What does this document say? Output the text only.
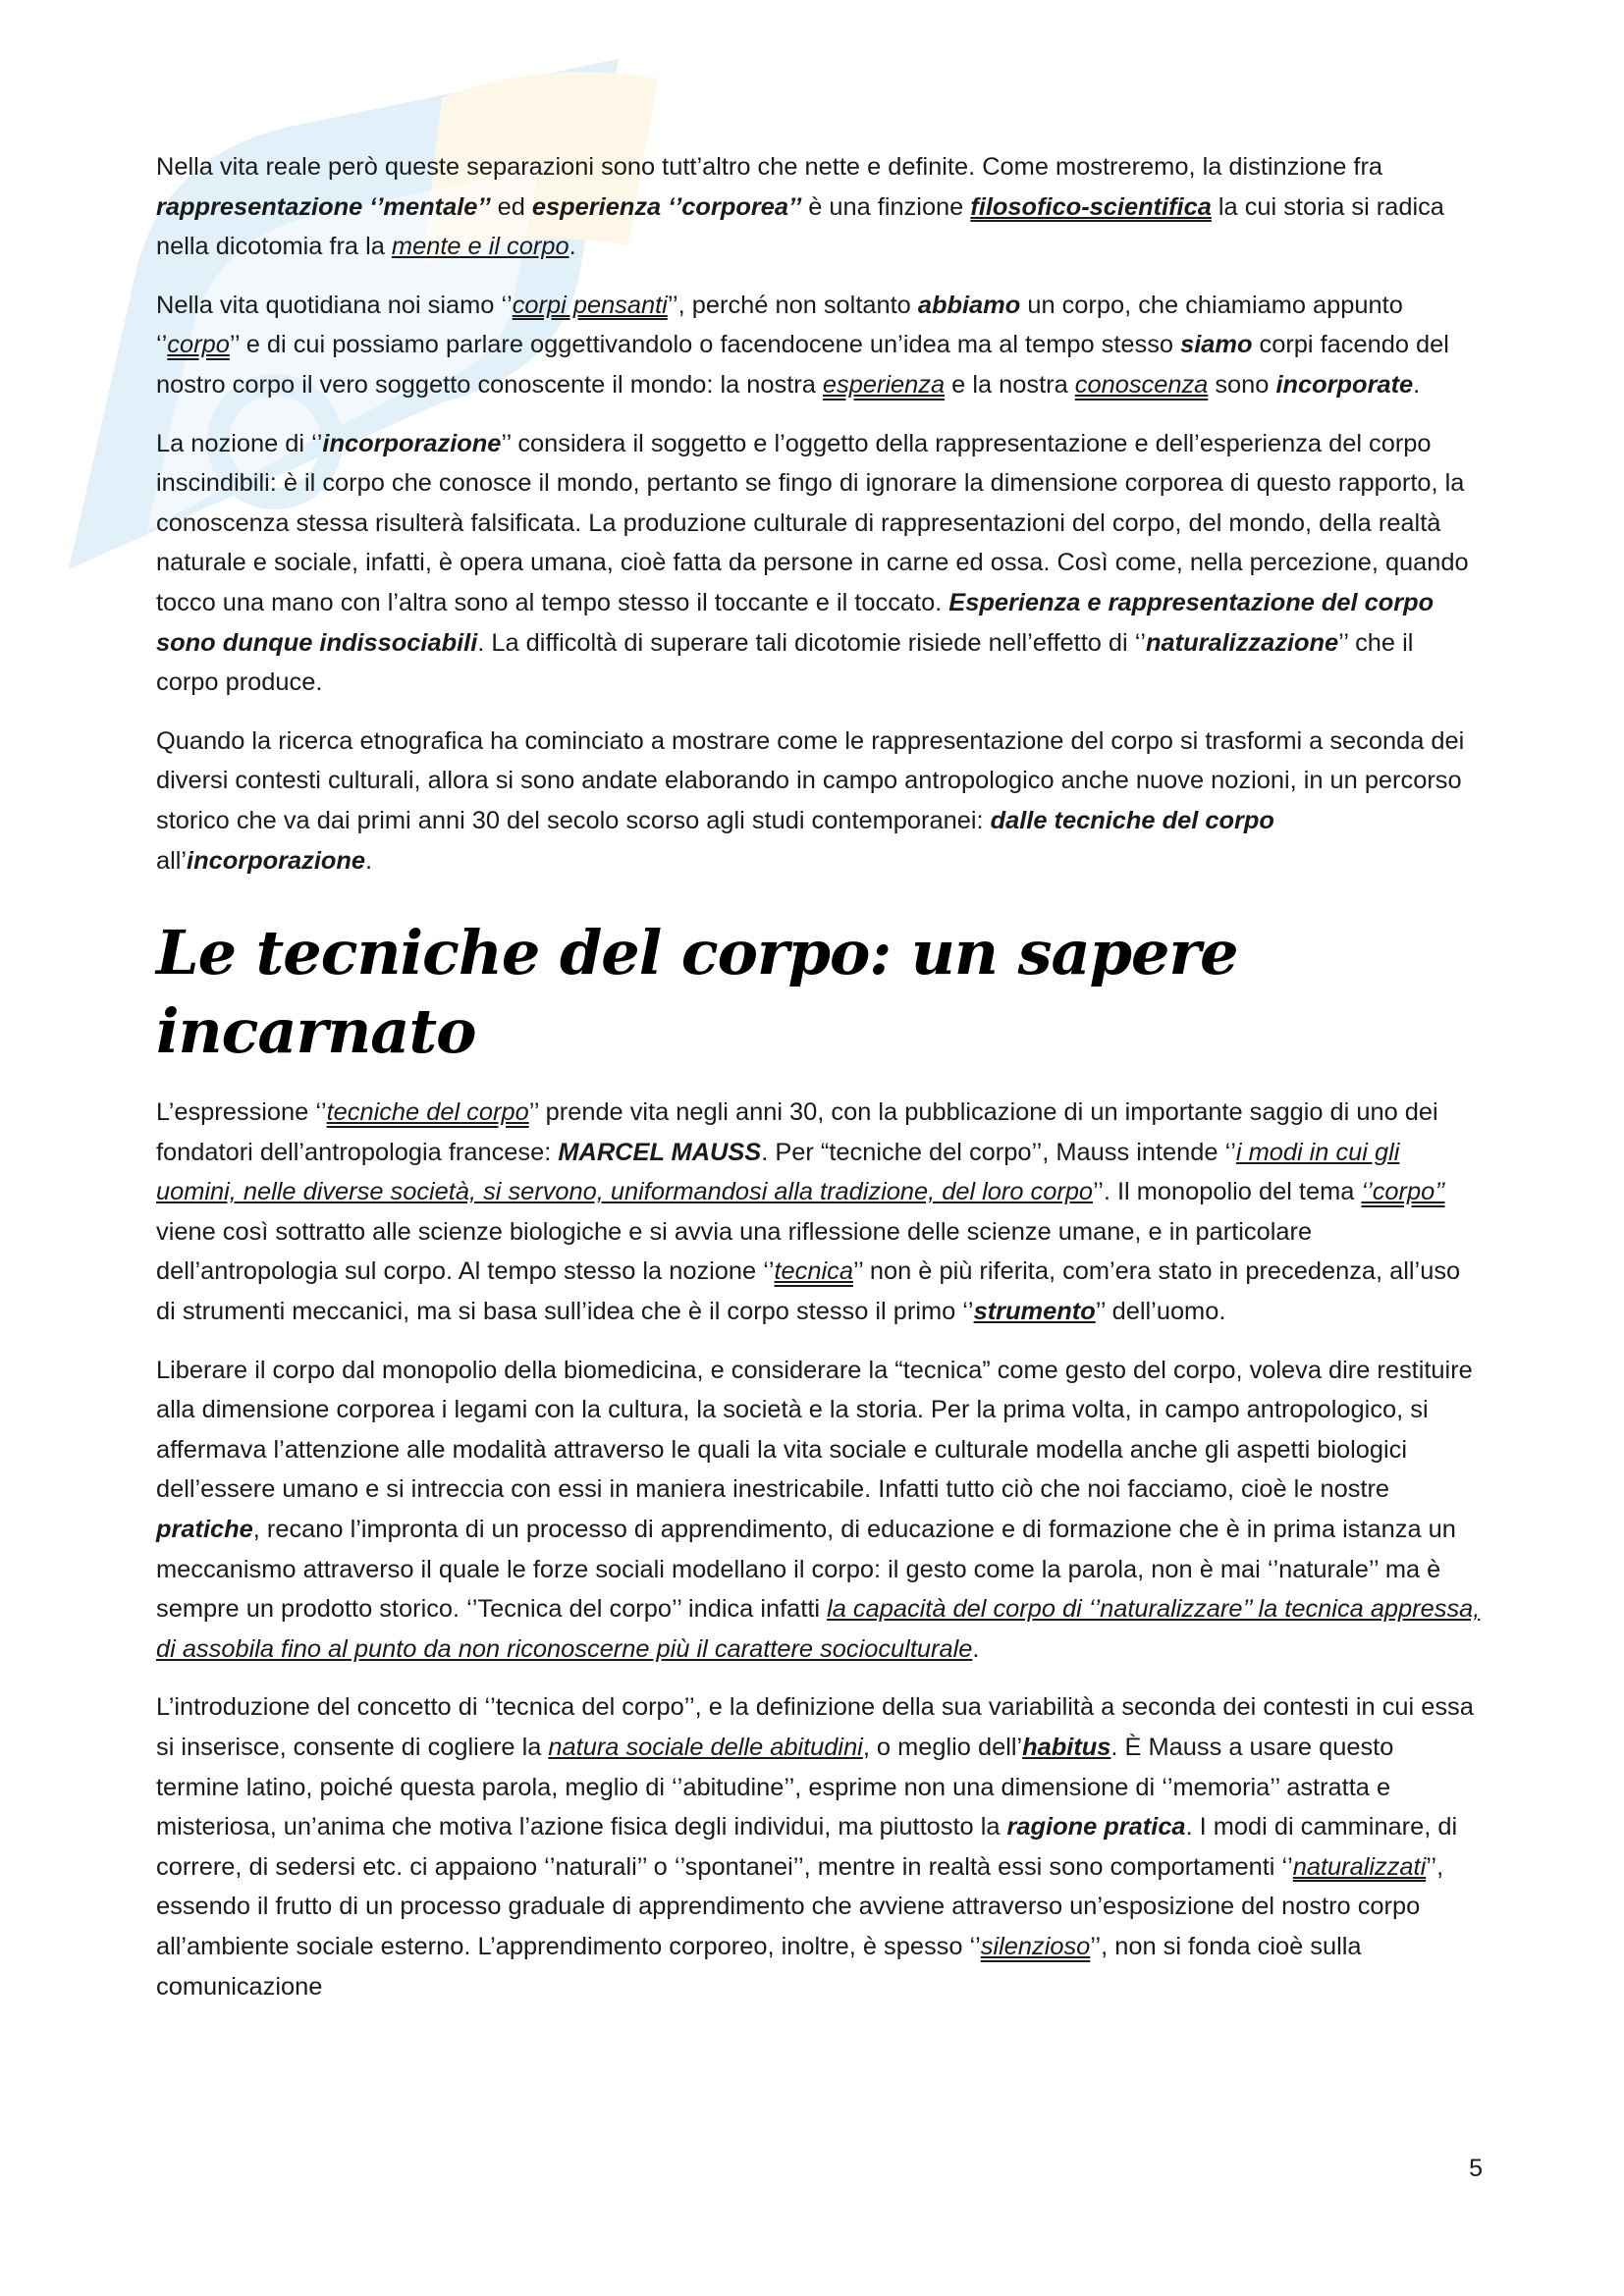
Nella vita reale però queste separazioni sono tutt’altro che nette e definite. Come mostreremo, la distinzione fra rappresentazione ‘’mentale’’ ed esperienza ‘’corporea’’ è una finzione filosofico-scientifica la cui storia si radica nella dicotomia fra la mente e il corpo.

Nella vita quotidiana noi siamo ‘’corpi pensanti’’, perché non soltanto abbiamo un corpo, che chiamiamo appunto ‘’corpo’’ e di cui possiamo parlare oggettivandolo o facendocene un’idea ma al tempo stesso siamo corpi facendo del nostro corpo il vero soggetto conoscente il mondo: la nostra esperienza e la nostra conoscenza sono incorporate.

La nozione di ‘’incorporazione’’ considera il soggetto e l’oggetto della rappresentazione e dell’esperienza del corpo inscindibili: è il corpo che conosce il mondo, pertanto se fingo di ignorare la dimensione corporea di questo rapporto, la conoscenza stessa risulterà falsificata. La produzione culturale di rappresentazioni del corpo, del mondo, della realtà naturale e sociale, infatti, è opera umana, cioè fatta da persone in carne ed ossa. Così come, nella percezione, quando tocco una mano con l’altra sono al tempo stesso il toccante e il toccato. Esperienza e rappresentazione del corpo sono dunque indissociabili. La difficoltà di superare tali dicotomie risiede nell’effetto di ‘’naturalizzazione’’ che il corpo produce.

Quando la ricerca etnografica ha cominciato a mostrare come le rappresentazione del corpo si trasformi a seconda dei diversi contesti culturali, allora si sono andate elaborando in campo antropologico anche nuove nozioni, in un percorso storico che va dai primi anni 30 del secolo scorso agli studi contemporanei: dalle tecniche del corpo all’incorporazione.

Le tecniche del corpo: un sapere incarnato

L’espressione ‘’tecniche del corpo’’ prende vita negli anni 30, con la pubblicazione di un importante saggio di uno dei fondatori dell’antropologia francese: MARCEL MAUSS. Per “tecniche del corpo’’, Mauss intende ‘’i modi in cui gli uomini, nelle diverse società, si servono, uniformandosi alla tradizione, del loro corpo’’. Il monopolio del tema ‘’corpo’’ viene così sottratto alle scienze biologiche e si avvia una riflessione delle scienze umane, e in particolare dell’antropologia sul corpo. Al tempo stesso la nozione ‘’tecnica’’ non è più riferita, com’era stato in precedenza, all’uso di strumenti meccanici, ma si basa sull’idea che è il corpo stesso il primo ‘’strumento’’ dell’uomo.

Liberare il corpo dal monopolio della biomedicina, e considerare la “tecnica” come gesto del corpo, voleva dire restituire alla dimensione corporea i legami con la cultura, la società e la storia. Per la prima volta, in campo antropologico, si affermava l’attenzione alle modalità attraverso le quali la vita sociale e culturale modella anche gli aspetti biologici dell’essere umano e si intreccia con essi in maniera inestricabile. Infatti tutto ciò che noi facciamo, cioè le nostre pratiche, recano l’impronta di un processo di apprendimento, di educazione e di formazione che è in prima istanza un meccanismo attraverso il quale le forze sociali modellano il corpo: il gesto come la parola, non è mai ‘’naturale’’ ma è sempre un prodotto storico. ‘’Tecnica del corpo’’ indica infatti la capacità del corpo di ‘’naturalizzare’’ la tecnica appressa, di assobila fino al punto da non riconoscerne più il carattere socioculturale.

L’introduzione del concetto di ‘’tecnica del corpo’’, e la definizione della sua variabilità a seconda dei contesti in cui essa si inserisce, consente di cogliere la natura sociale delle abitudini, o meglio dell’habitus. È Mauss a usare questo termine latino, poiché questa parola, meglio di ‘’abitudine’’, esprime non una dimensione di ‘’memoria’’ astratta e misteriosa, un’anima che motiva l’azione fisica degli individui, ma piuttosto la ragione pratica. I modi di camminare, di correre, di sedersi etc. ci appaiono ‘’naturali’’ o ‘’spontanei’’, mentre in realtà essi sono comportamenti ‘’naturalizzati’’, essendo il frutto di un processo graduale di apprendimento che avviene attraverso un’esposizione del nostro corpo all’ambiente sociale esterno. L’apprendimento corporeo, inoltre, è spesso ‘’silenzioso’’, non si fonda cioè sulla comunicazione

5
